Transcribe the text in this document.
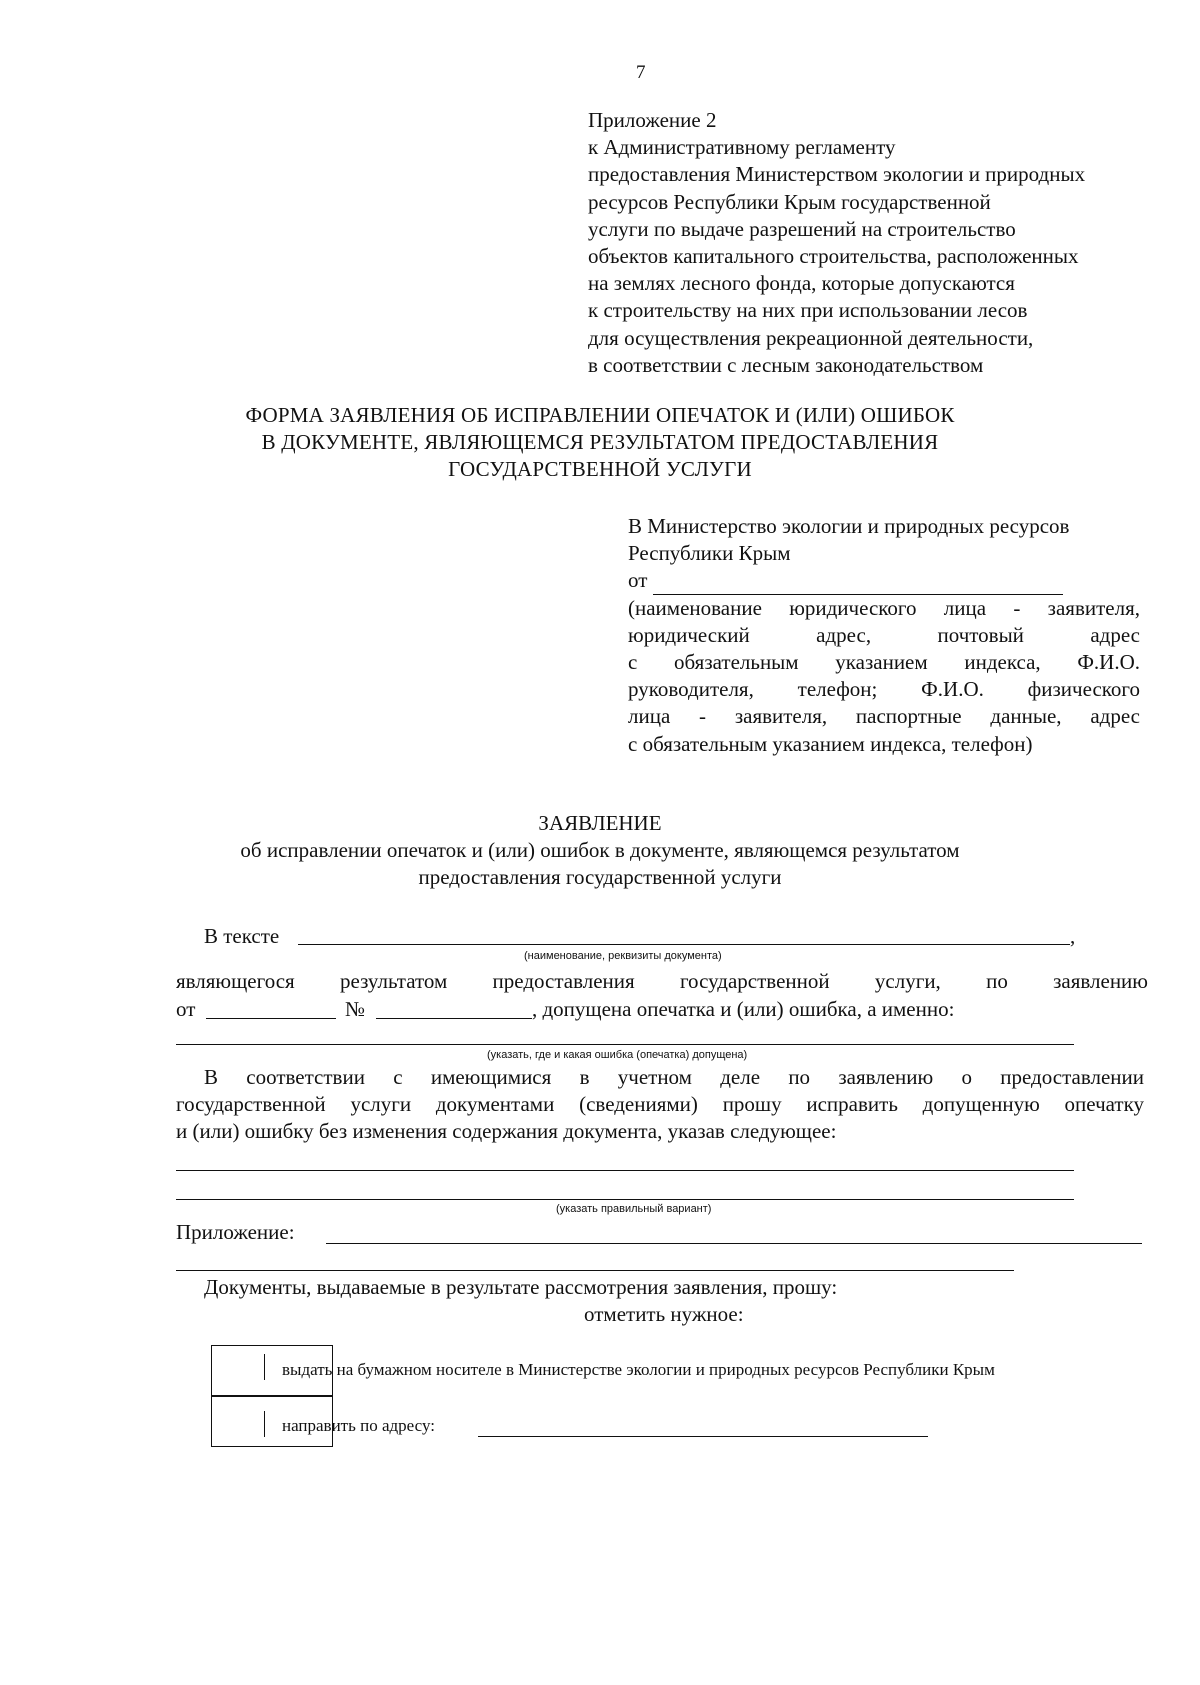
7
Приложение 2
к Административному регламенту
предоставления Министерством экологии и природных
ресурсов Республики Крым государственной
услуги по выдаче разрешений на строительство
объектов капитального строительства, расположенных
на землях лесного фонда, которые допускаются
к строительству на них при использовании лесов
для осуществления рекреационной деятельности,
в соответствии с лесным законодательством
ФОРМА ЗАЯВЛЕНИЯ ОБ ИСПРАВЛЕНИИ ОПЕЧАТОК И (ИЛИ) ОШИБОК
В ДОКУМЕНТЕ, ЯВЛЯЮЩЕМСЯ РЕЗУЛЬТАТОМ ПРЕДОСТАВЛЕНИЯ
ГОСУДАРСТВЕННОЙ УСЛУГИ
В Министерство экологии и природных ресурсов
Республики Крым
от
(наименование юридического лица - заявителя,
юридический адрес, почтовый адрес
с обязательным указанием индекса, Ф.И.О.
руководителя, телефон; Ф.И.О. физического
лица - заявителя, паспортные данные, адрес
с обязательным указанием индекса, телефон)
ЗАЯВЛЕНИЕ
об исправлении опечаток и (или) ошибок в документе, являющемся результатом
предоставления государственной услуги
В тексте	,
(наименование, реквизиты документа)
являющегося результатом предоставления государственной услуги, по заявлению
от	№	, допущена опечатка и (или) ошибка, а именно:
(указать, где и какая ошибка (опечатка) допущена)
В соответствии с имеющимися в учетном деле по заявлению о предоставлении
государственной услуги документами (сведениями) прошу исправить допущенную опечатку
и (или) ошибку без изменения содержания документа, указав следующее:
(указать правильный вариант)
Приложение:
Документы, выдаваемые в результате рассмотрения заявления, прошу:
отметить нужное:
выдать на бумажном носителе в Министерстве экологии и природных ресурсов Республики Крым
направить по адресу:
